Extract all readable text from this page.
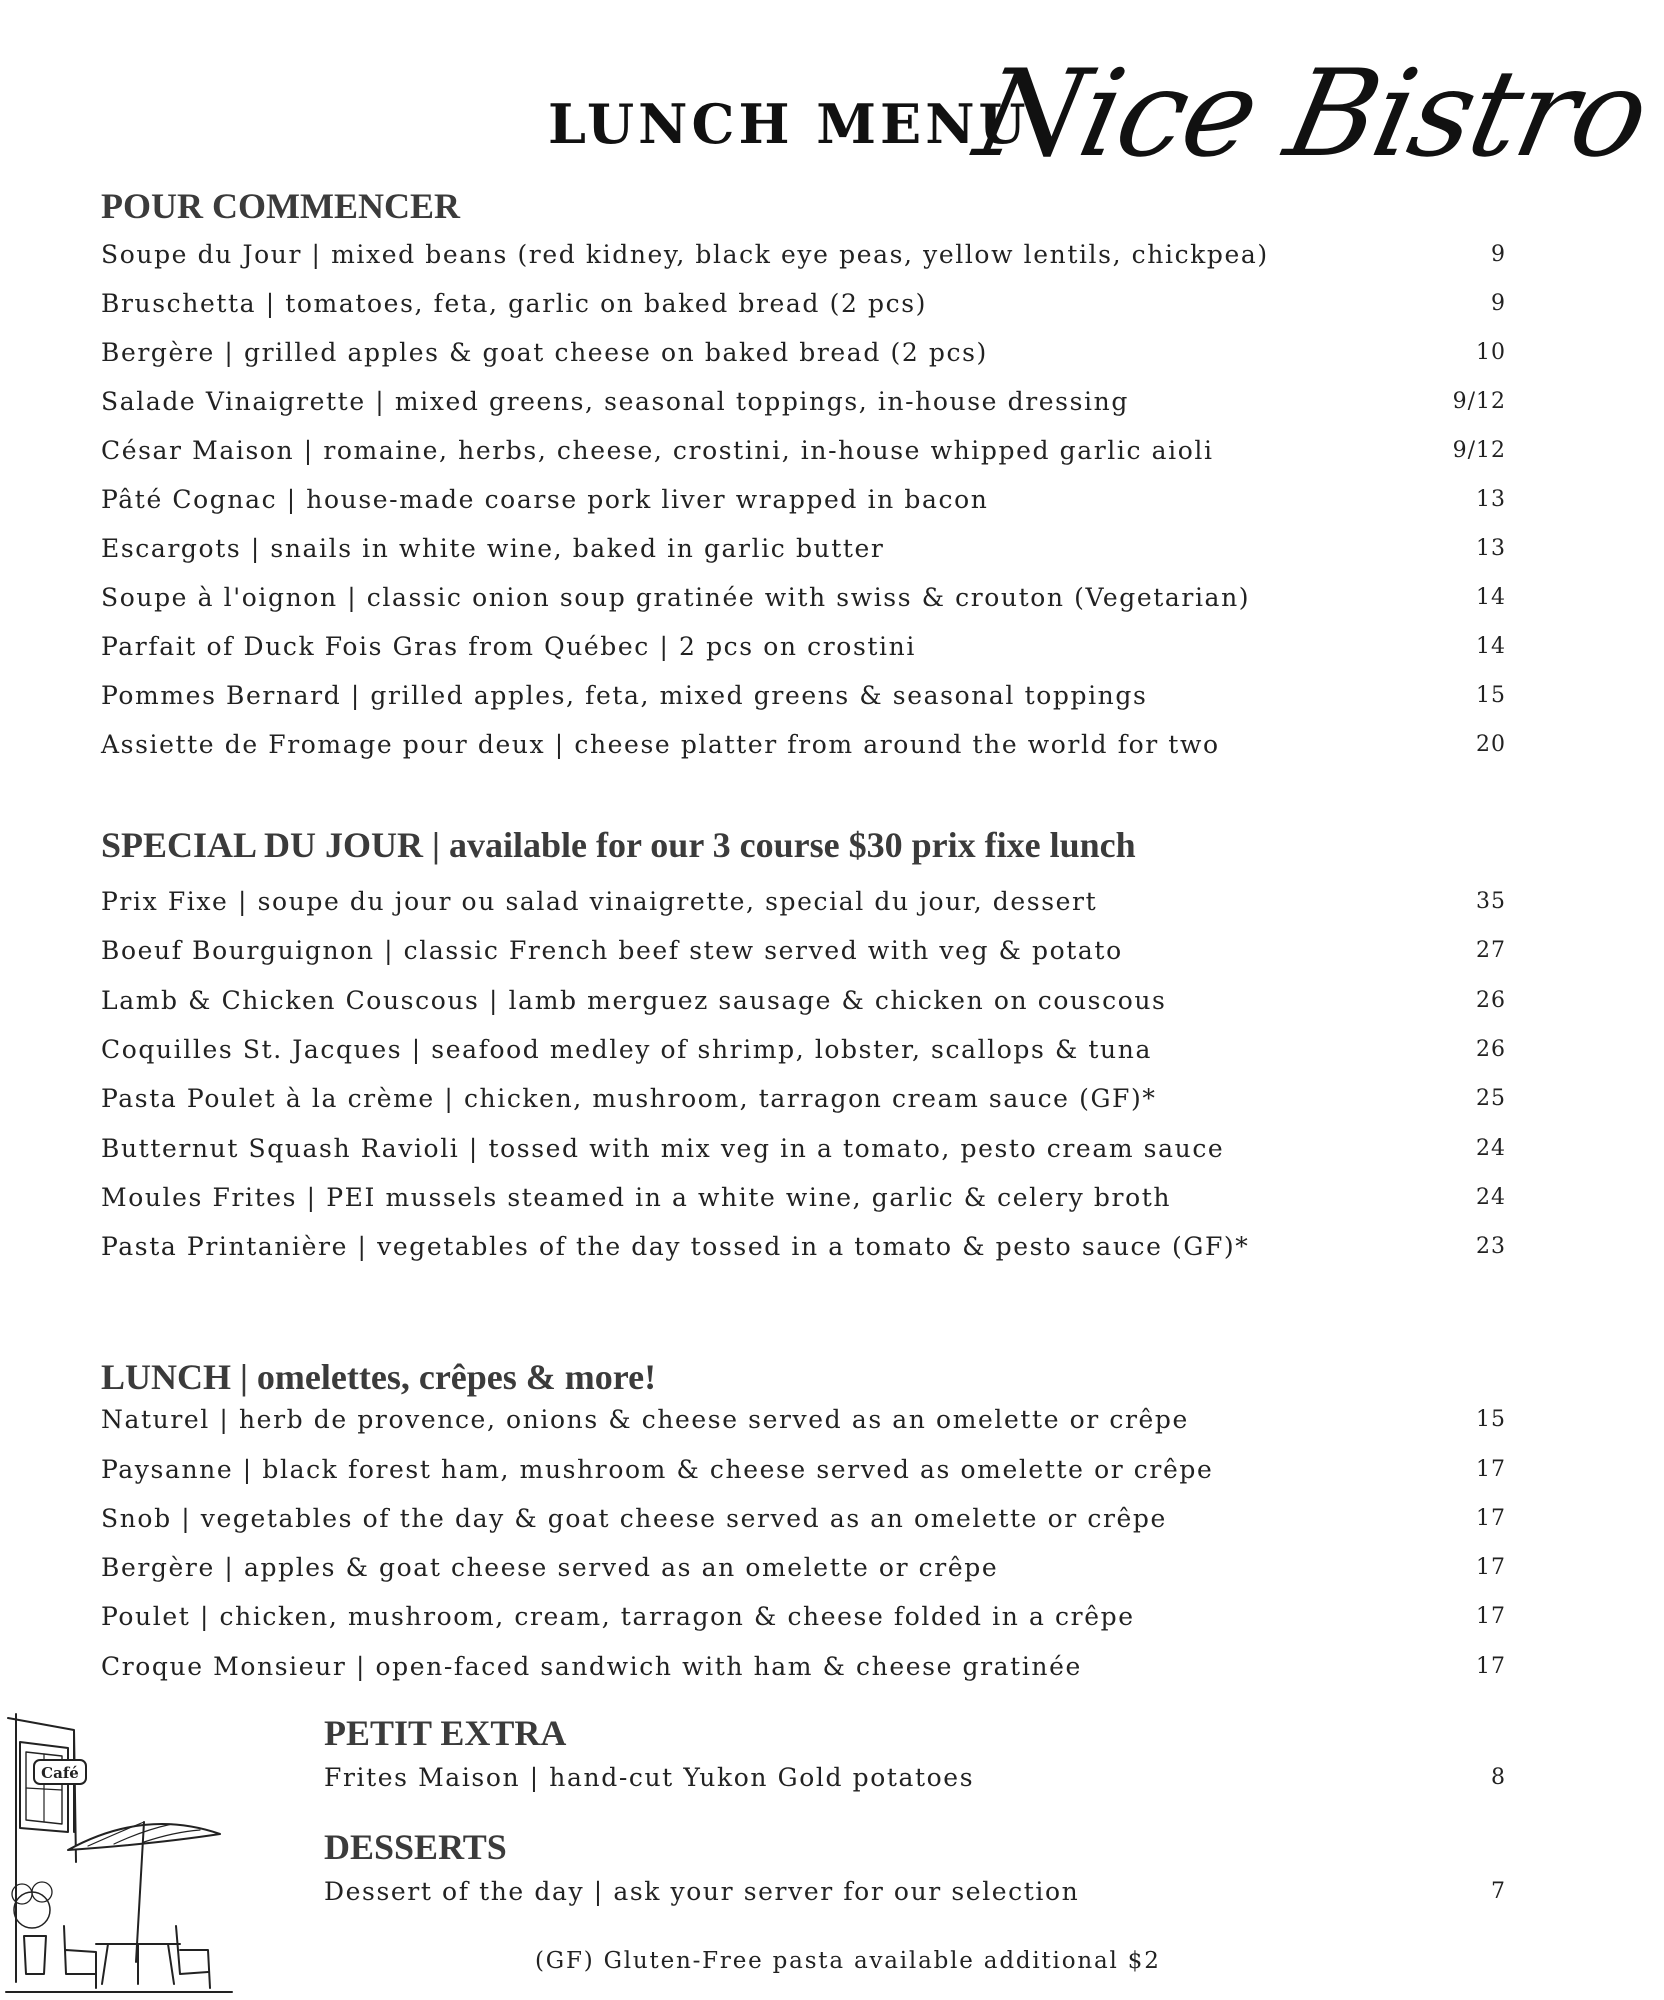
LUNCH MENU
Nice Bistro
POUR COMMENCER
Soupe du Jour | mixed beans (red kidney, black eye peas, yellow lentils, chickpea)	9
Bruschetta | tomatoes, feta, garlic on baked bread (2 pcs)	9
Bergère | grilled apples & goat cheese on baked bread (2 pcs)	10
Salade Vinaigrette | mixed greens, seasonal toppings, in-house dressing	9/12
César Maison | romaine, herbs, cheese, crostini, in-house whipped garlic aioli	9/12
Pâté Cognac | house-made coarse pork liver wrapped in bacon	13
Escargots | snails in white wine, baked in garlic butter	13
Soupe à l'oignon | classic onion soup gratinée with swiss & crouton (Vegetarian)	14
Parfait of Duck Fois Gras from Québec | 2 pcs on crostini	14
Pommes Bernard | grilled apples, feta, mixed greens & seasonal toppings	15
Assiette de Fromage pour deux | cheese platter from around the world for two	20
SPECIAL DU JOUR | available for our 3 course $30 prix fixe lunch
Prix Fixe | soupe du jour ou salad vinaigrette, special du jour, dessert	35
Boeuf Bourguignon | classic French beef stew served with veg & potato	27
Lamb & Chicken Couscous | lamb merguez sausage & chicken on couscous	26
Coquilles St. Jacques | seafood medley of shrimp, lobster, scallops & tuna	26
Pasta Poulet à la crème | chicken, mushroom, tarragon cream sauce (GF)*	25
Butternut Squash Ravioli | tossed with mix veg in a tomato, pesto cream sauce	24
Moules Frites | PEI mussels steamed in a white wine, garlic & celery broth	24
Pasta Printanière | vegetables of the day tossed in a tomato & pesto sauce (GF)*	23
LUNCH | omelettes, crêpes & more!
Naturel | herb de provence, onions & cheese served as an omelette or crêpe	15
Paysanne | black forest ham, mushroom & cheese served as omelette or crêpe	17
Snob | vegetables of the day & goat cheese served as an omelette or crêpe	17
Bergère | apples & goat cheese served as an omelette or crêpe	17
Poulet | chicken, mushroom, cream, tarragon & cheese folded in a crêpe	17
Croque Monsieur | open-faced sandwich with ham & cheese gratinée	17
PETIT EXTRA
Frites Maison | hand-cut Yukon Gold potatoes	8
DESSERTS
Dessert of the day | ask your server for our selection	7
(GF) Gluten-Free pasta available additional $2
Café
